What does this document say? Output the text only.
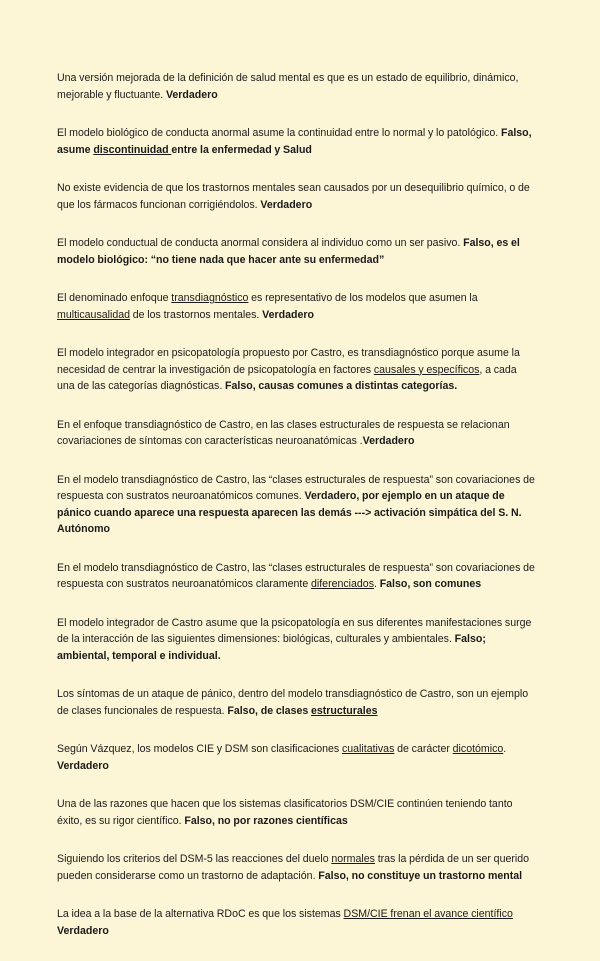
Una versión mejorada de la definición de salud mental es que es un estado de equilibrio, dinámico, mejorable y fluctuante. Verdadero

El modelo biológico de conducta anormal asume la continuidad entre lo normal y lo patológico. Falso, asume discontinuidad entre la enfermedad y Salud

No existe evidencia de que los trastornos mentales sean causados por un desequilibrio químico, o de que los fármacos funcionan corrigiéndolos. Verdadero

El modelo conductual de conducta anormal considera al individuo como un ser pasivo. Falso, es el modelo biológico: “no tiene nada que hacer ante su enfermedad”

El denominado enfoque transdiagnóstico es representativo de los modelos que asumen la multicausalidad de los trastornos mentales. Verdadero

El modelo integrador en psicopatología propuesto por Castro, es transdiagnóstico porque asume la necesidad de centrar la investigación de psicopatología en factores causales y específicos, a cada una de las categorías diagnósticas. Falso, causas comunes a distintas categorías.

En el enfoque transdiagnóstico de Castro, en las clases estructurales de respuesta se relacionan covariaciones de síntomas con características neuroanatómicas .Verdadero

En el modelo transdiagnóstico de Castro, las “clases estructurales de respuesta” son covariaciones de respuesta con sustratos neuroanatómicos comunes. Verdadero, por ejemplo en un ataque de pánico cuando aparece una respuesta aparecen las demás ---> activación simpática del S. N. Autónomo

En el modelo transdiagnóstico de Castro, las “clases estructurales de respuesta” son covariaciones de respuesta con sustratos neuroanatómicos claramente diferenciados. Falso, son comunes

El modelo integrador de Castro asume que la psicopatología en sus diferentes manifestaciones surge de la interacción de las siguientes dimensiones: biológicas, culturales y ambientales. Falso; ambiental, temporal e individual.

Los síntomas de un ataque de pánico, dentro del modelo transdiagnóstico de Castro, son un ejemplo de clases funcionales de respuesta. Falso, de clases estructurales

Según Vázquez, los modelos CIE y DSM son clasificaciones cualitativas de carácter dicotómico. Verdadero

Una de las razones que hacen que los sistemas clasificatorios DSM/CIE continúen teniendo tanto éxito, es su rigor científico. Falso, no por razones científicas

Siguiendo los criterios del DSM-5 las reacciones del duelo normales tras la pérdida de un ser querido pueden considerarse como un trastorno de adaptación. Falso, no constituye un trastorno mental

La idea a la base de la alternativa RDoC es que los sistemas DSM/CIE frenan el avance científico Verdadero
